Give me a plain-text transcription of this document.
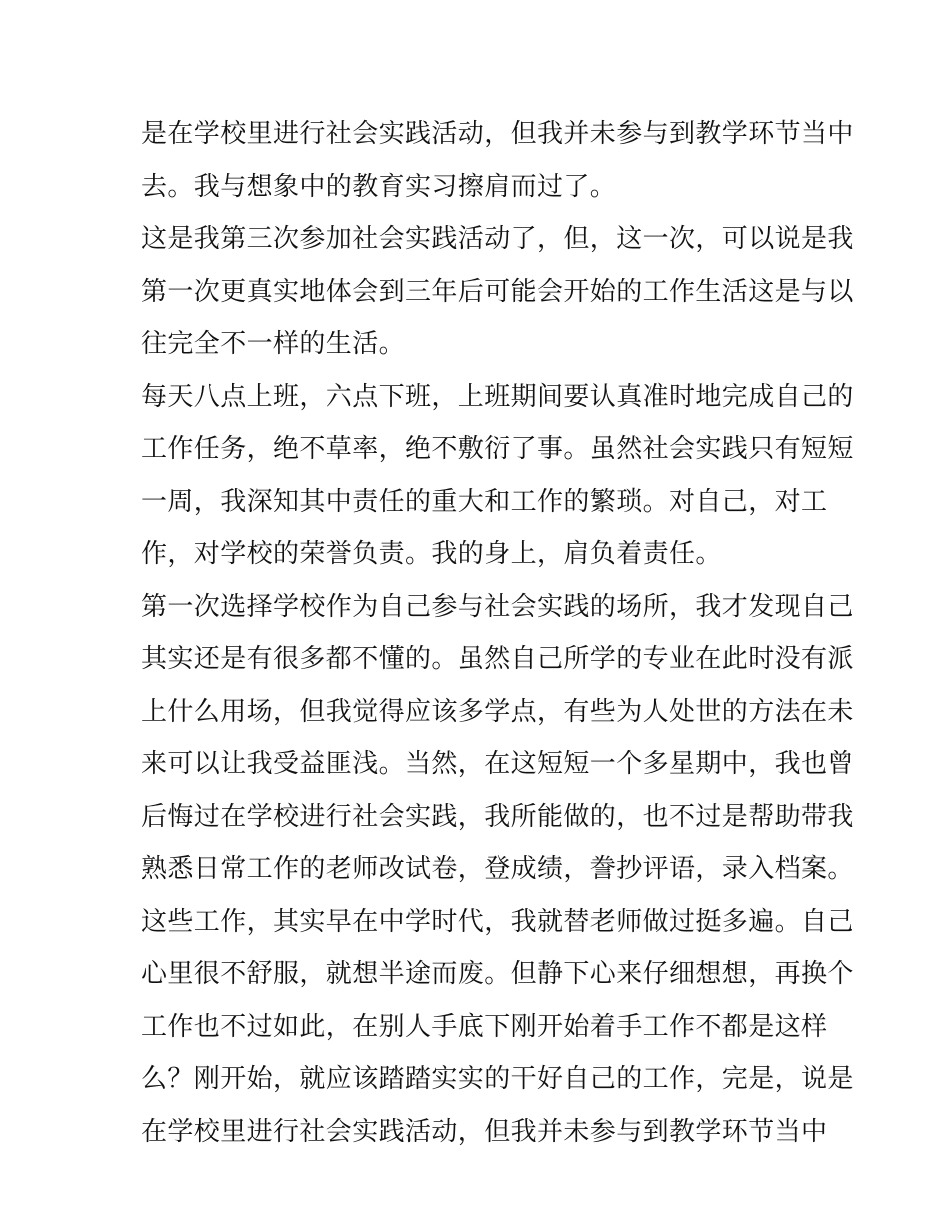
是在学校里进行社会实践活动，但我并未参与到教学环节当中
去。我与想象中的教育实习擦肩而过了。
这是我第三次参加社会实践活动了，但，这一次，可以说是我
第一次更真实地体会到三年后可能会开始的工作生活这是与以
往完全不一样的生活。
每天八点上班，六点下班，上班期间要认真准时地完成自己的
工作任务，绝不草率，绝不敷衍了事。虽然社会实践只有短短
一周，我深知其中责任的重大和工作的繁琐。对自己，对工
作，对学校的荣誉负责。我的身上，肩负着责任。
第一次选择学校作为自己参与社会实践的场所，我才发现自己
其实还是有很多都不懂的。虽然自己所学的专业在此时没有派
上什么用场，但我觉得应该多学点，有些为人处世的方法在未
来可以让我受益匪浅。当然，在这短短一个多星期中，我也曾
后悔过在学校进行社会实践，我所能做的，也不过是帮助带我
熟悉日常工作的老师改试卷，登成绩，誊抄评语，录入档案。
这些工作，其实早在中学时代，我就替老师做过挺多遍。自己
心里很不舒服，就想半途而废。但静下心来仔细想想，再换个
工作也不过如此，在别人手底下刚开始着手工作不都是这样
么？刚开始，就应该踏踏实实的干好自己的工作，完是，说是
在学校里进行社会实践活动，但我并未参与到教学环节当中
